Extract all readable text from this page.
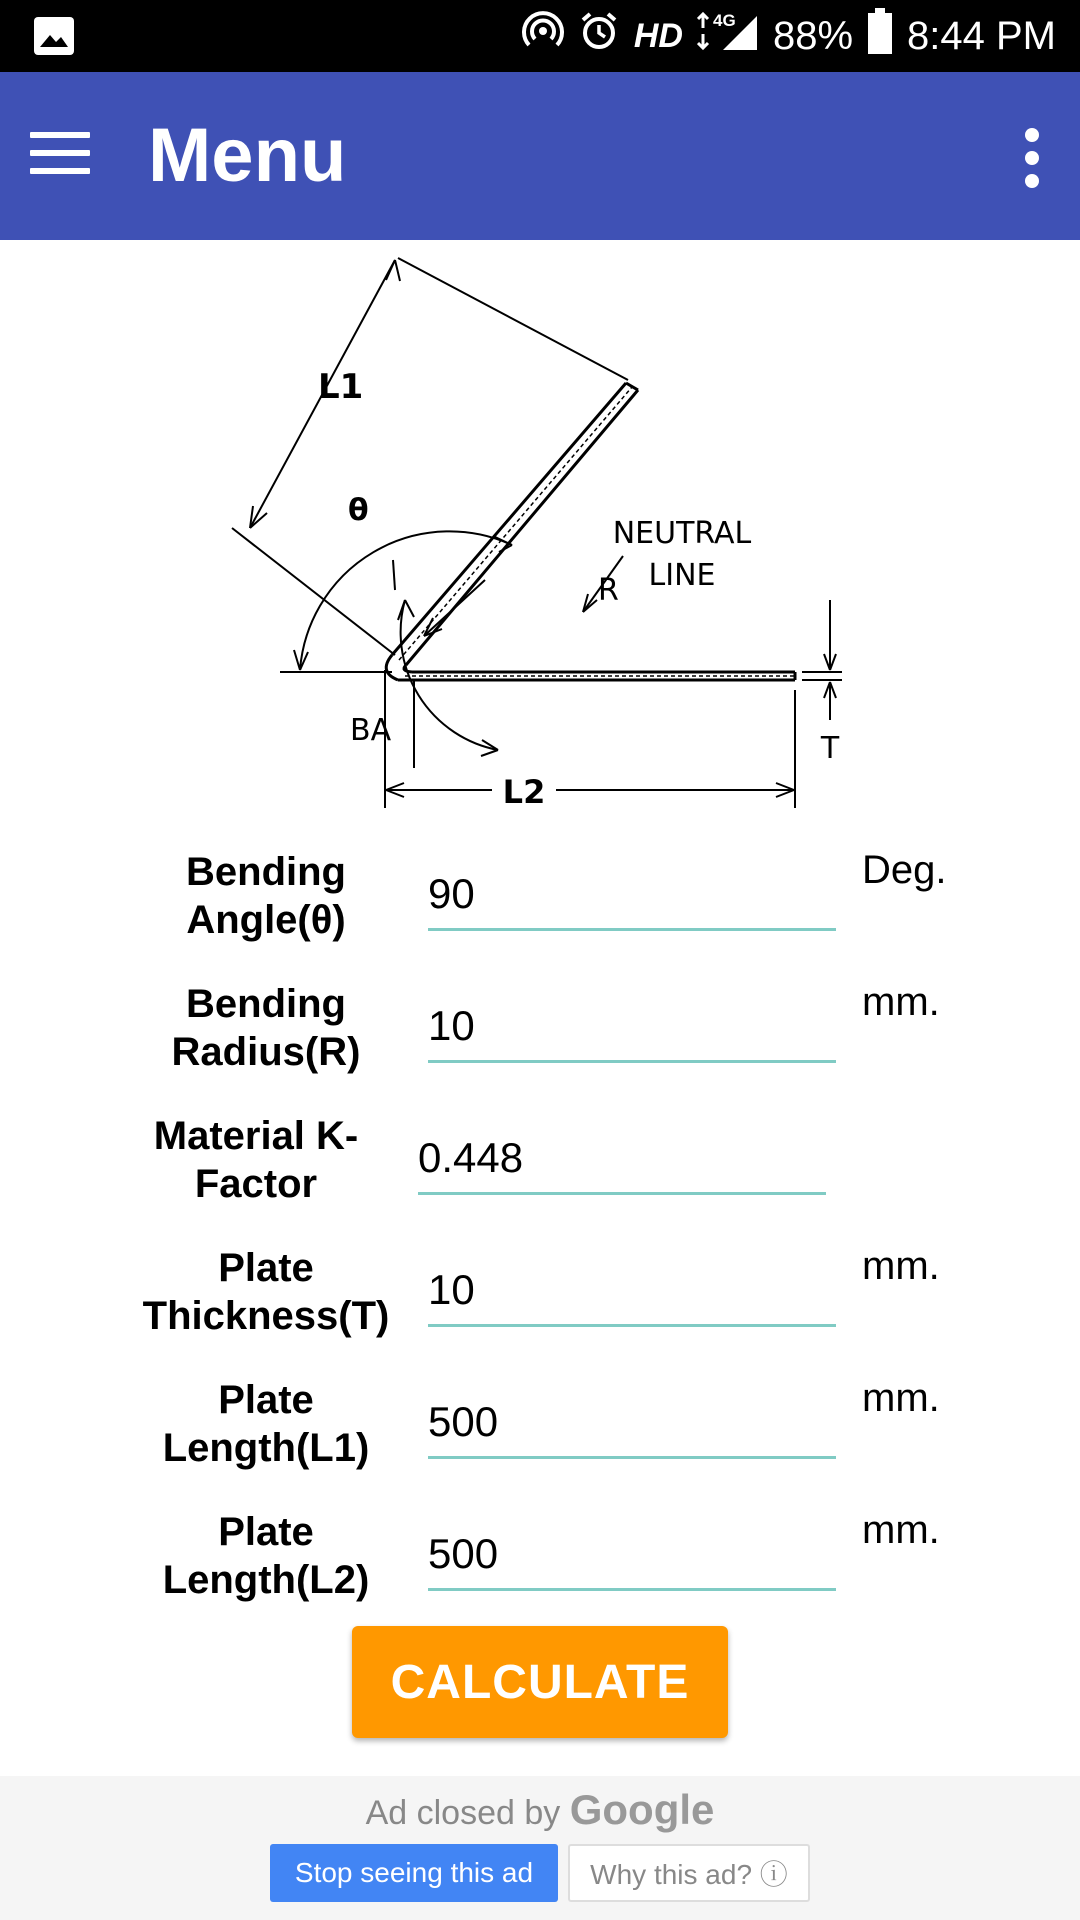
HD 4G 88% 8:44 PM
Menu
L1
θ
R
NEUTRAL
LINE
BA
L2
T
Bending Angle(θ)
90
Deg.
Bending Radius(R)
10
mm.
Material K-Factor
0.448
Plate Thickness(T)
10
mm.
Plate Length(L1)
500
mm.
Plate Length(L2)
500
mm.
CALCULATE
Ad closed by Google
Stop seeing this ad	Why this ad? ⓘ
